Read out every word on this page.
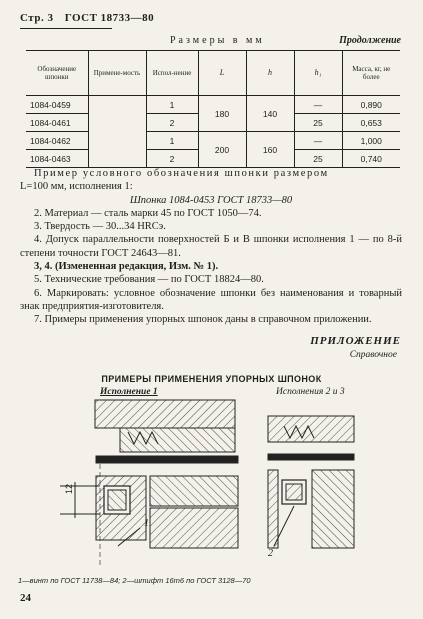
Стр. 3 ГОСТ 18733—80
Размеры в мм	Продолжение
Обозначение шпонки	Примене-мость	Испол-нение	L	h	h₁	Масса, кг, не более
1084-0459		1	180	140	—	0,890
1084-0461		2			25	0,653
1084-0462		1	200	160	—	1,000
1084-0463		2			25	0,740

Пример условного обозначения шпонки размером

L=100 мм, исполнения 1:

Шпонка 1084-0453 ГОСТ 18733—80

2. Материал — сталь марки 45 по ГОСТ 1050—74.

3. Твердость — 30...34 HRCэ.

4. Допуск параллельности поверхностей Б и В шпонки исполнения 1 — по 8-й степени точности ГОСТ 24643—81.

3, 4. (Измененная редакция, Изм. № 1).

5. Технические требования — по ГОСТ 18824—80.

6. Маркировать: условное обозначение шпонки без наименования и товарный знак предприятия-изготовителя.

7. Примеры применения упорных шпонок даны в справочном приложении.

ПРИЛОЖЕНИЕ
Справочное
ПРИМЕРЫ ПРИМЕНЕНИЯ УПОРНЫХ ШПОНОК
Исполнение 1	Исполнения 2 и 3
12
1
2
1—винт по ГОСТ 11738—84; 2—штифт 16m6 по ГОСТ 3128—70
24
